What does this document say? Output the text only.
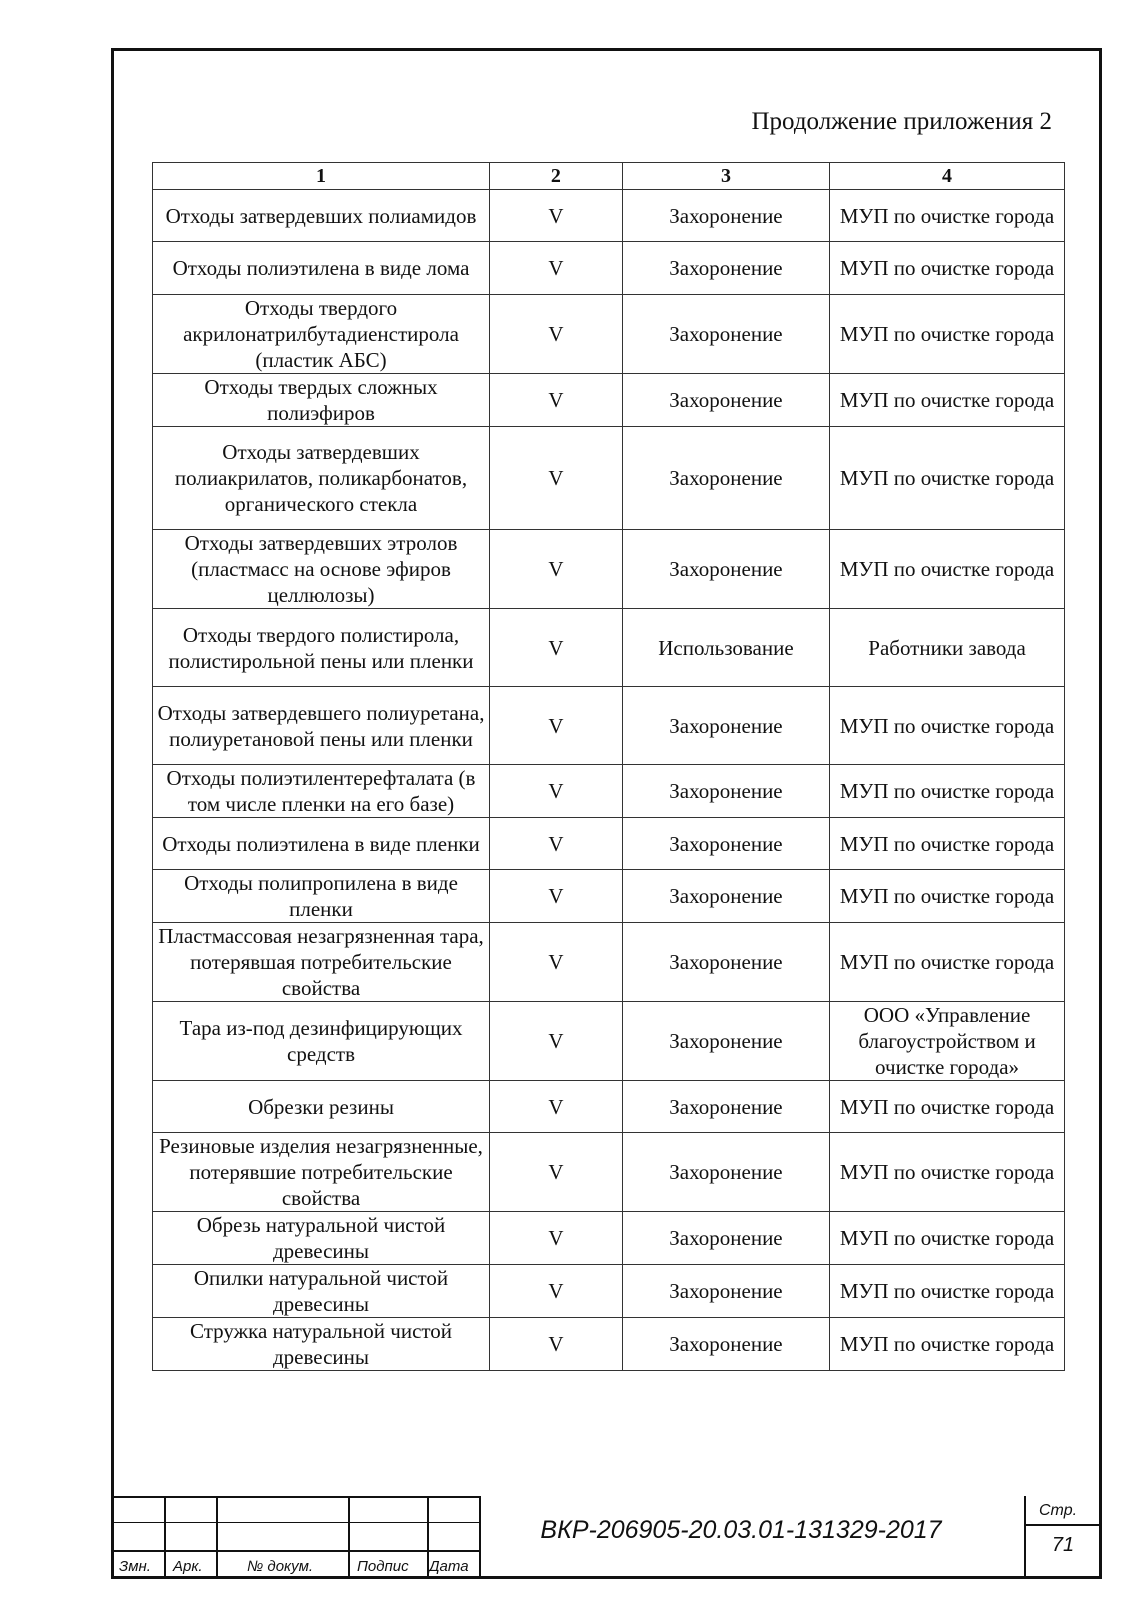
Продолжение приложения 2
1	2	3	4
Отходы затвердевших полиамидов	V	Захоронение	МУП по очистке города
Отходы полиэтилена в виде лома	V	Захоронение	МУП по очистке города
Отходы твердого акрилонатрилбутадиенстирола (пластик АБС)	V	Захоронение	МУП по очистке города
Отходы твердых сложных полиэфиров	V	Захоронение	МУП по очистке города
Отходы затвердевших полиакрилатов, поликарбонатов, органического стекла	V	Захоронение	МУП по очистке города
Отходы затвердевших этролов (пластмасс на основе эфиров целлюлозы)	V	Захоронение	МУП по очистке города
Отходы твердого полистирола, полистирольной пены или пленки	V	Использование	Работники завода
Отходы затвердевшего полиуретана, полиуретановой пены или пленки	V	Захоронение	МУП по очистке города
Отходы полиэтилентерефталата (в том числе пленки на его базе)	V	Захоронение	МУП по очистке города
Отходы полиэтилена в виде пленки	V	Захоронение	МУП по очистке города
Отходы полипропилена в виде пленки	V	Захоронение	МУП по очистке города
Пластмассовая незагрязненная тара, потерявшая потребительские свойства	V	Захоронение	МУП по очистке города
Тара из-под дезинфицирующих средств	V	Захоронение	ООО «Управление благоустройством и очистке города»
Обрезки резины	V	Захоронение	МУП по очистке города
Резиновые изделия незагрязненные, потерявшие потребительские свойства	V	Захоронение	МУП по очистке города
Обрезь натуральной чистой древесины	V	Захоронение	МУП по очистке города
Опилки натуральной чистой древесины	V	Захоронение	МУП по очистке города
Стружка натуральной чистой древесины	V	Захоронение	МУП по очистке города
Змн. Арк.	№ докум.	Подпис Дата
ВКР-206905-20.03.01-131329-2017
Стр.
71
